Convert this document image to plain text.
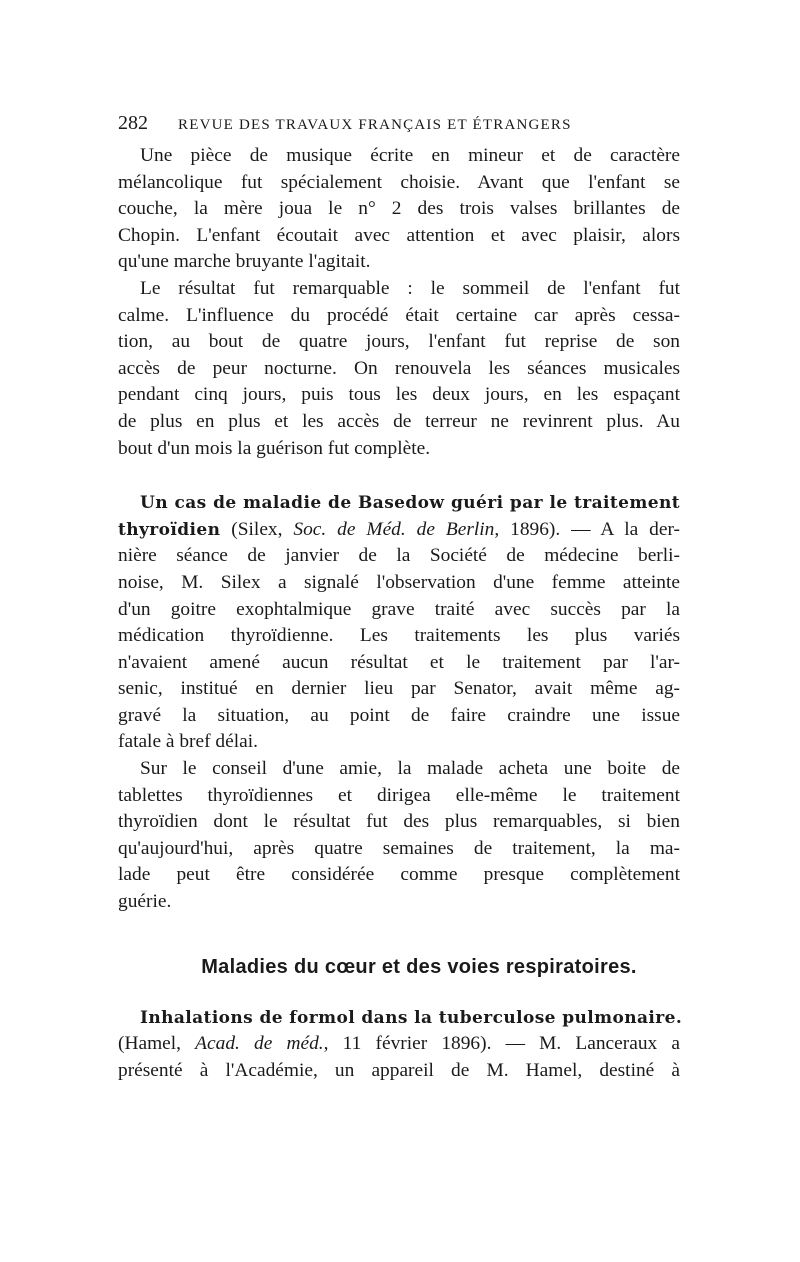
282 REVUE DES TRAVAUX FRANÇAIS ET ÉTRANGERS
Une pièce de musique écrite en mineur et de caractère
mélancolique fut spécialement choisie. Avant que l'enfant se
couche, la mère joua le n° 2 des trois valses brillantes de
Chopin. L'enfant écoutait avec attention et avec plaisir, alors
qu'une marche bruyante l'agitait.
Le résultat fut remarquable : le sommeil de l'enfant fut
calme. L'influence du procédé était certaine car après cessa-
tion, au bout de quatre jours, l'enfant fut reprise de son
accès de peur nocturne. On renouvela les séances musicales
pendant cinq jours, puis tous les deux jours, en les espaçant
de plus en plus et les accès de terreur ne revinrent plus. Au
bout d'un mois la guérison fut complète.
Un cas de maladie de Basedow guéri par le traitement
thyroïdien (Silex, Soc. de Méd. de Berlin, 1896). — A la der-
nière séance de janvier de la Société de médecine berli-
noise, M. Silex a signalé l'observation d'une femme atteinte
d'un goitre exophtalmique grave traité avec succès par la
médication thyroïdienne. Les traitements les plus variés
n'avaient amené aucun résultat et le traitement par l'ar-
senic, institué en dernier lieu par Senator, avait même ag-
gravé la situation, au point de faire craindre une issue
fatale à bref délai.
Sur le conseil d'une amie, la malade acheta une boite de
tablettes thyroïdiennes et dirigea elle-même le traitement
thyroïdien dont le résultat fut des plus remarquables, si bien
qu'aujourd'hui, après quatre semaines de traitement, la ma-
lade peut être considérée comme presque complètement
guérie.
Maladies du cœur et des voies respiratoires.
Inhalations de formol dans la tuberculose pulmonaire.
(Hamel, Acad. de méd., 11 février 1896). — M. Lanceraux a
présenté à l'Académie, un appareil de M. Hamel, destiné à
